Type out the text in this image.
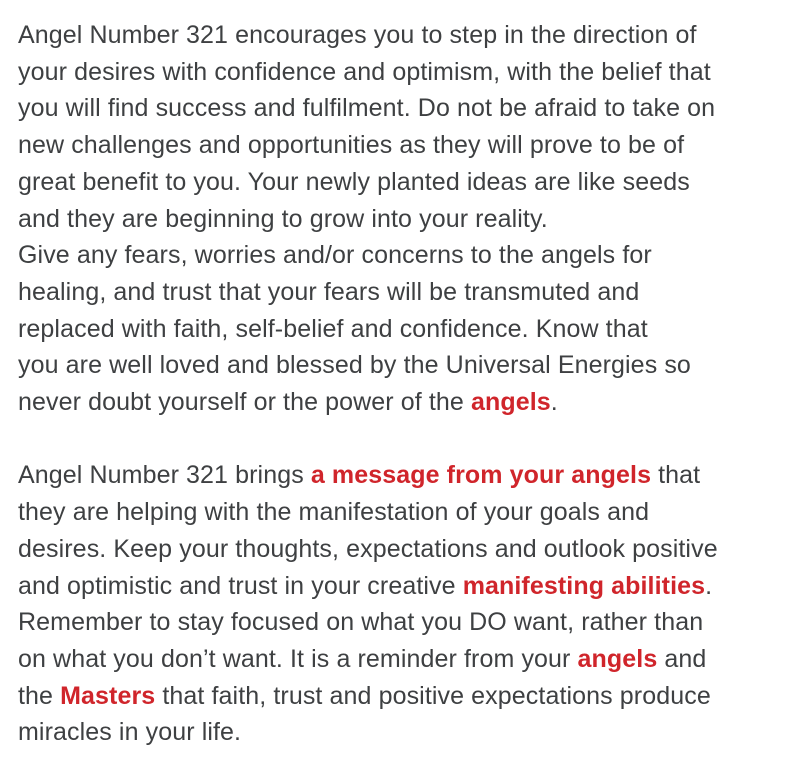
Angel Number 321 encourages you to step in the direction of
your desires with confidence and optimism, with the belief that
you will find success and fulfilment. Do not be afraid to take on
new challenges and opportunities as they will prove to be of
great benefit to you. Your newly planted ideas are like seeds
and they are beginning to grow into your reality.
Give any fears, worries and/or concerns to the angels for
healing, and trust that your fears will be transmuted and
replaced with faith, self-belief and confidence. Know that
you are well loved and blessed by the Universal Energies so
never doubt yourself or the power of the angels.

Angel Number 321 brings a message from your angels that
they are helping with the manifestation of your goals and
desires. Keep your thoughts, expectations and outlook positive
and optimistic and trust in your creative manifesting abilities.
Remember to stay focused on what you DO want, rather than
on what you don’t want. It is a reminder from your angels and
the Masters that faith, trust and positive expectations produce
miracles in your life.
